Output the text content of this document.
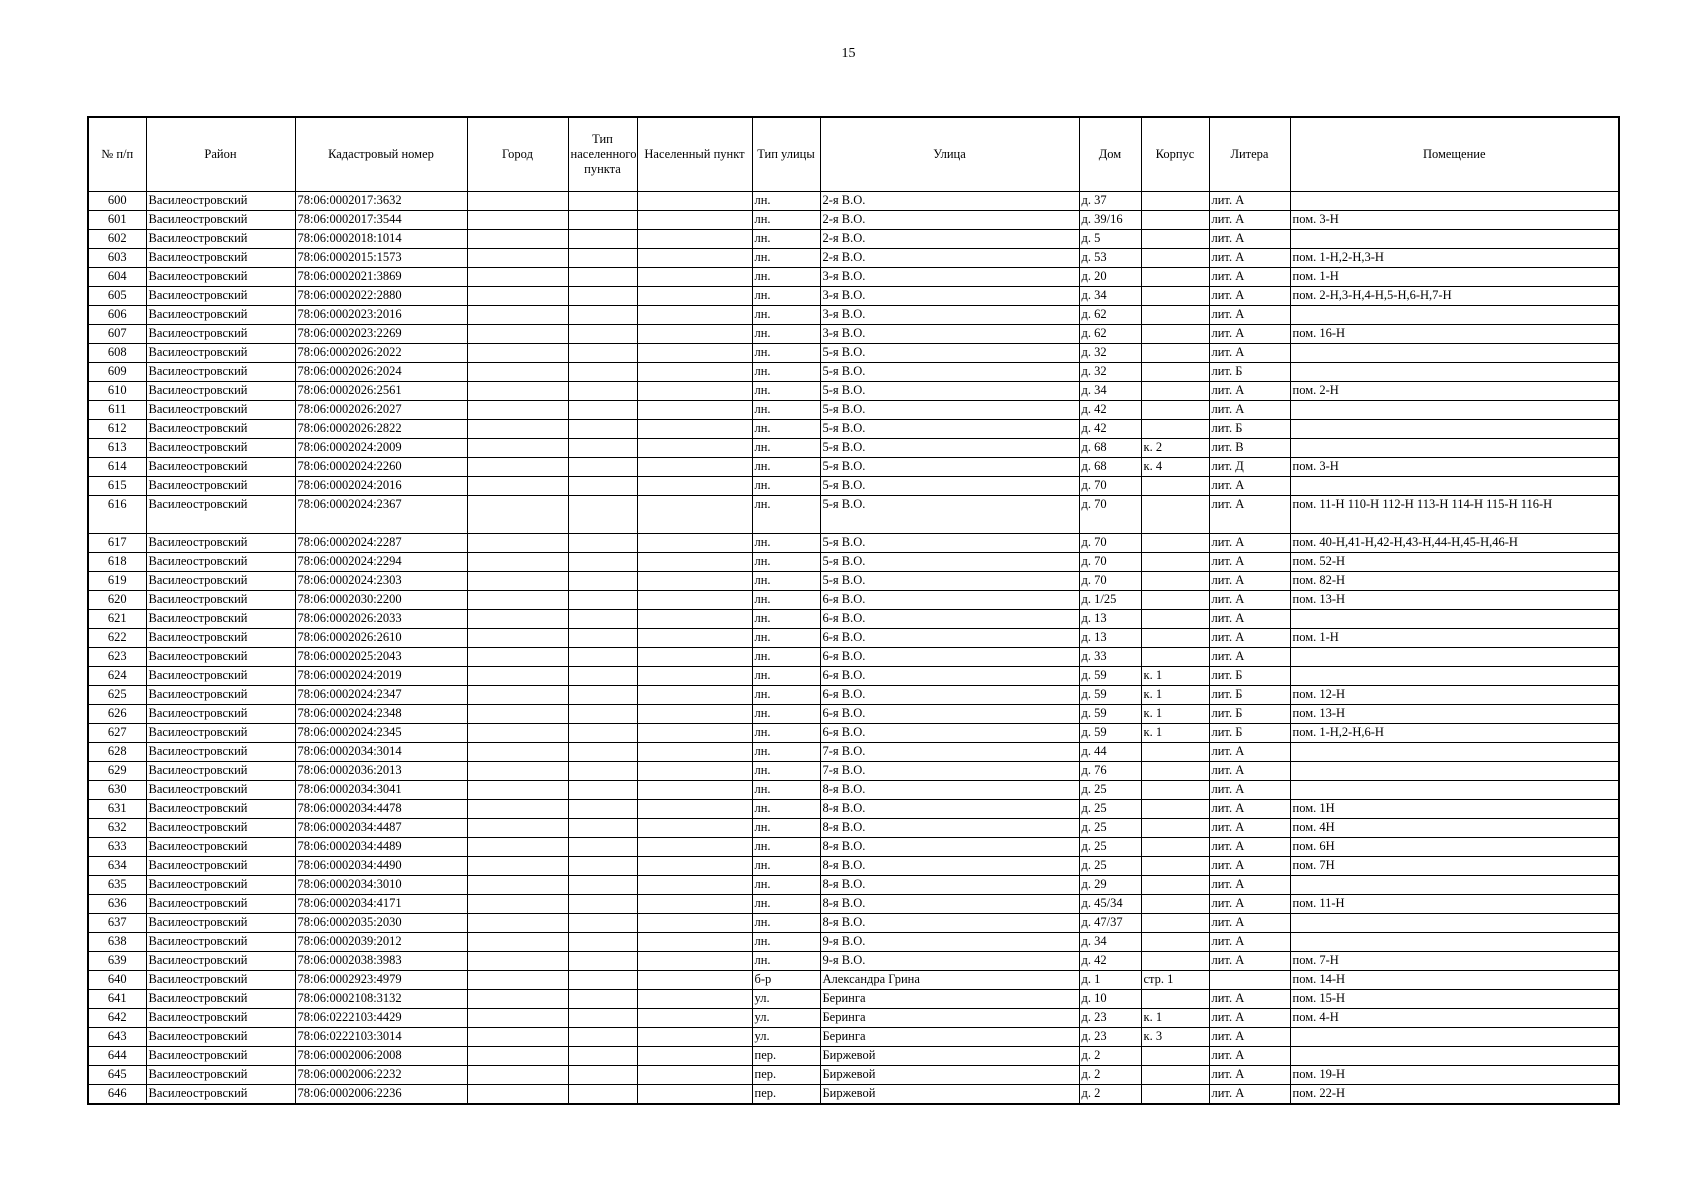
15
№ п/п	Район	Кадастровый номер	Город	Тип населенного пункта	Населенный пункт	Тип улицы	Улица	Дом	Корпус	Литера	Помещение
600	Василеостровский	78:06:0002017:3632				лн.	2-я В.О.	д. 37		лит. А	
601	Василеостровский	78:06:0002017:3544				лн.	2-я В.О.	д. 39/16		лит. А	пом. 3-Н
602	Василеостровский	78:06:0002018:1014				лн.	2-я В.О.	д. 5		лит. А	
603	Василеостровский	78:06:0002015:1573				лн.	2-я В.О.	д. 53		лит. А	пом. 1-Н,2-Н,3-Н
604	Василеостровский	78:06:0002021:3869				лн.	3-я В.О.	д. 20		лит. А	пом. 1-Н
605	Василеостровский	78:06:0002022:2880				лн.	3-я В.О.	д. 34		лит. А	пом. 2-Н,3-Н,4-Н,5-Н,6-Н,7-Н
606	Василеостровский	78:06:0002023:2016				лн.	3-я В.О.	д. 62		лит. А	
607	Василеостровский	78:06:0002023:2269				лн.	3-я В.О.	д. 62		лит. А	пом. 16-Н
608	Василеостровский	78:06:0002026:2022				лн.	5-я В.О.	д. 32		лит. А	
609	Василеостровский	78:06:0002026:2024				лн.	5-я В.О.	д. 32		лит. Б	
610	Василеостровский	78:06:0002026:2561				лн.	5-я В.О.	д. 34		лит. А	пом. 2-Н
611	Василеостровский	78:06:0002026:2027				лн.	5-я В.О.	д. 42		лит. А	
612	Василеостровский	78:06:0002026:2822				лн.	5-я В.О.	д. 42		лит. Б	
613	Василеостровский	78:06:0002024:2009				лн.	5-я В.О.	д. 68	к. 2	лит. В	
614	Василеостровский	78:06:0002024:2260				лн.	5-я В.О.	д. 68	к. 4	лит. Д	пом. 3-Н
615	Василеостровский	78:06:0002024:2016				лн.	5-я В.О.	д. 70		лит. А	
616	Василеостровский	78:06:0002024:2367				лн.	5-я В.О.	д. 70		лит. А	пом. 11-Н 110-Н 112-Н 113-Н 114-Н 115-Н 116-Н
617	Василеостровский	78:06:0002024:2287				лн.	5-я В.О.	д. 70		лит. А	пом. 40-Н,41-Н,42-Н,43-Н,44-Н,45-Н,46-Н
618	Василеостровский	78:06:0002024:2294				лн.	5-я В.О.	д. 70		лит. А	пом. 52-Н
619	Василеостровский	78:06:0002024:2303				лн.	5-я В.О.	д. 70		лит. А	пом. 82-Н
620	Василеостровский	78:06:0002030:2200				лн.	6-я В.О.	д. 1/25		лит. А	пом. 13-Н
621	Василеостровский	78:06:0002026:2033				лн.	6-я В.О.	д. 13		лит. А	
622	Василеостровский	78:06:0002026:2610				лн.	6-я В.О.	д. 13		лит. А	пом. 1-Н
623	Василеостровский	78:06:0002025:2043				лн.	6-я В.О.	д. 33		лит. А	
624	Василеостровский	78:06:0002024:2019				лн.	6-я В.О.	д. 59	к. 1	лит. Б	
625	Василеостровский	78:06:0002024:2347				лн.	6-я В.О.	д. 59	к. 1	лит. Б	пом. 12-Н
626	Василеостровский	78:06:0002024:2348				лн.	6-я В.О.	д. 59	к. 1	лит. Б	пом. 13-Н
627	Василеостровский	78:06:0002024:2345				лн.	6-я В.О.	д. 59	к. 1	лит. Б	пом. 1-Н,2-Н,6-Н
628	Василеостровский	78:06:0002034:3014				лн.	7-я В.О.	д. 44		лит. А	
629	Василеостровский	78:06:0002036:2013				лн.	7-я В.О.	д. 76		лит. А	
630	Василеостровский	78:06:0002034:3041				лн.	8-я В.О.	д. 25		лит. А	
631	Василеостровский	78:06:0002034:4478				лн.	8-я В.О.	д. 25		лит. А	пом. 1Н
632	Василеостровский	78:06:0002034:4487				лн.	8-я В.О.	д. 25		лит. А	пом. 4Н
633	Василеостровский	78:06:0002034:4489				лн.	8-я В.О.	д. 25		лит. А	пом. 6Н
634	Василеостровский	78:06:0002034:4490				лн.	8-я В.О.	д. 25		лит. А	пом. 7Н
635	Василеостровский	78:06:0002034:3010				лн.	8-я В.О.	д. 29		лит. А	
636	Василеостровский	78:06:0002034:4171				лн.	8-я В.О.	д. 45/34		лит. А	пом. 11-Н
637	Василеостровский	78:06:0002035:2030				лн.	8-я В.О.	д. 47/37		лит. А	
638	Василеостровский	78:06:0002039:2012				лн.	9-я В.О.	д. 34		лит. А	
639	Василеостровский	78:06:0002038:3983				лн.	9-я В.О.	д. 42		лит. А	пом. 7-Н
640	Василеостровский	78:06:0002923:4979				б-р	Александра Грина	д. 1	стр. 1		пом. 14-Н
641	Василеостровский	78:06:0002108:3132				ул.	Беринга	д. 10		лит. А	пом. 15-Н
642	Василеостровский	78:06:0222103:4429				ул.	Беринга	д. 23	к. 1	лит. А	пом. 4-Н
643	Василеостровский	78:06:0222103:3014				ул.	Беринга	д. 23	к. 3	лит. А	
644	Василеостровский	78:06:0002006:2008				пер.	Биржевой	д. 2		лит. А	
645	Василеостровский	78:06:0002006:2232				пер.	Биржевой	д. 2		лит. А	пом. 19-Н
646	Василеостровский	78:06:0002006:2236				пер.	Биржевой	д. 2		лит. А	пом. 22-Н
